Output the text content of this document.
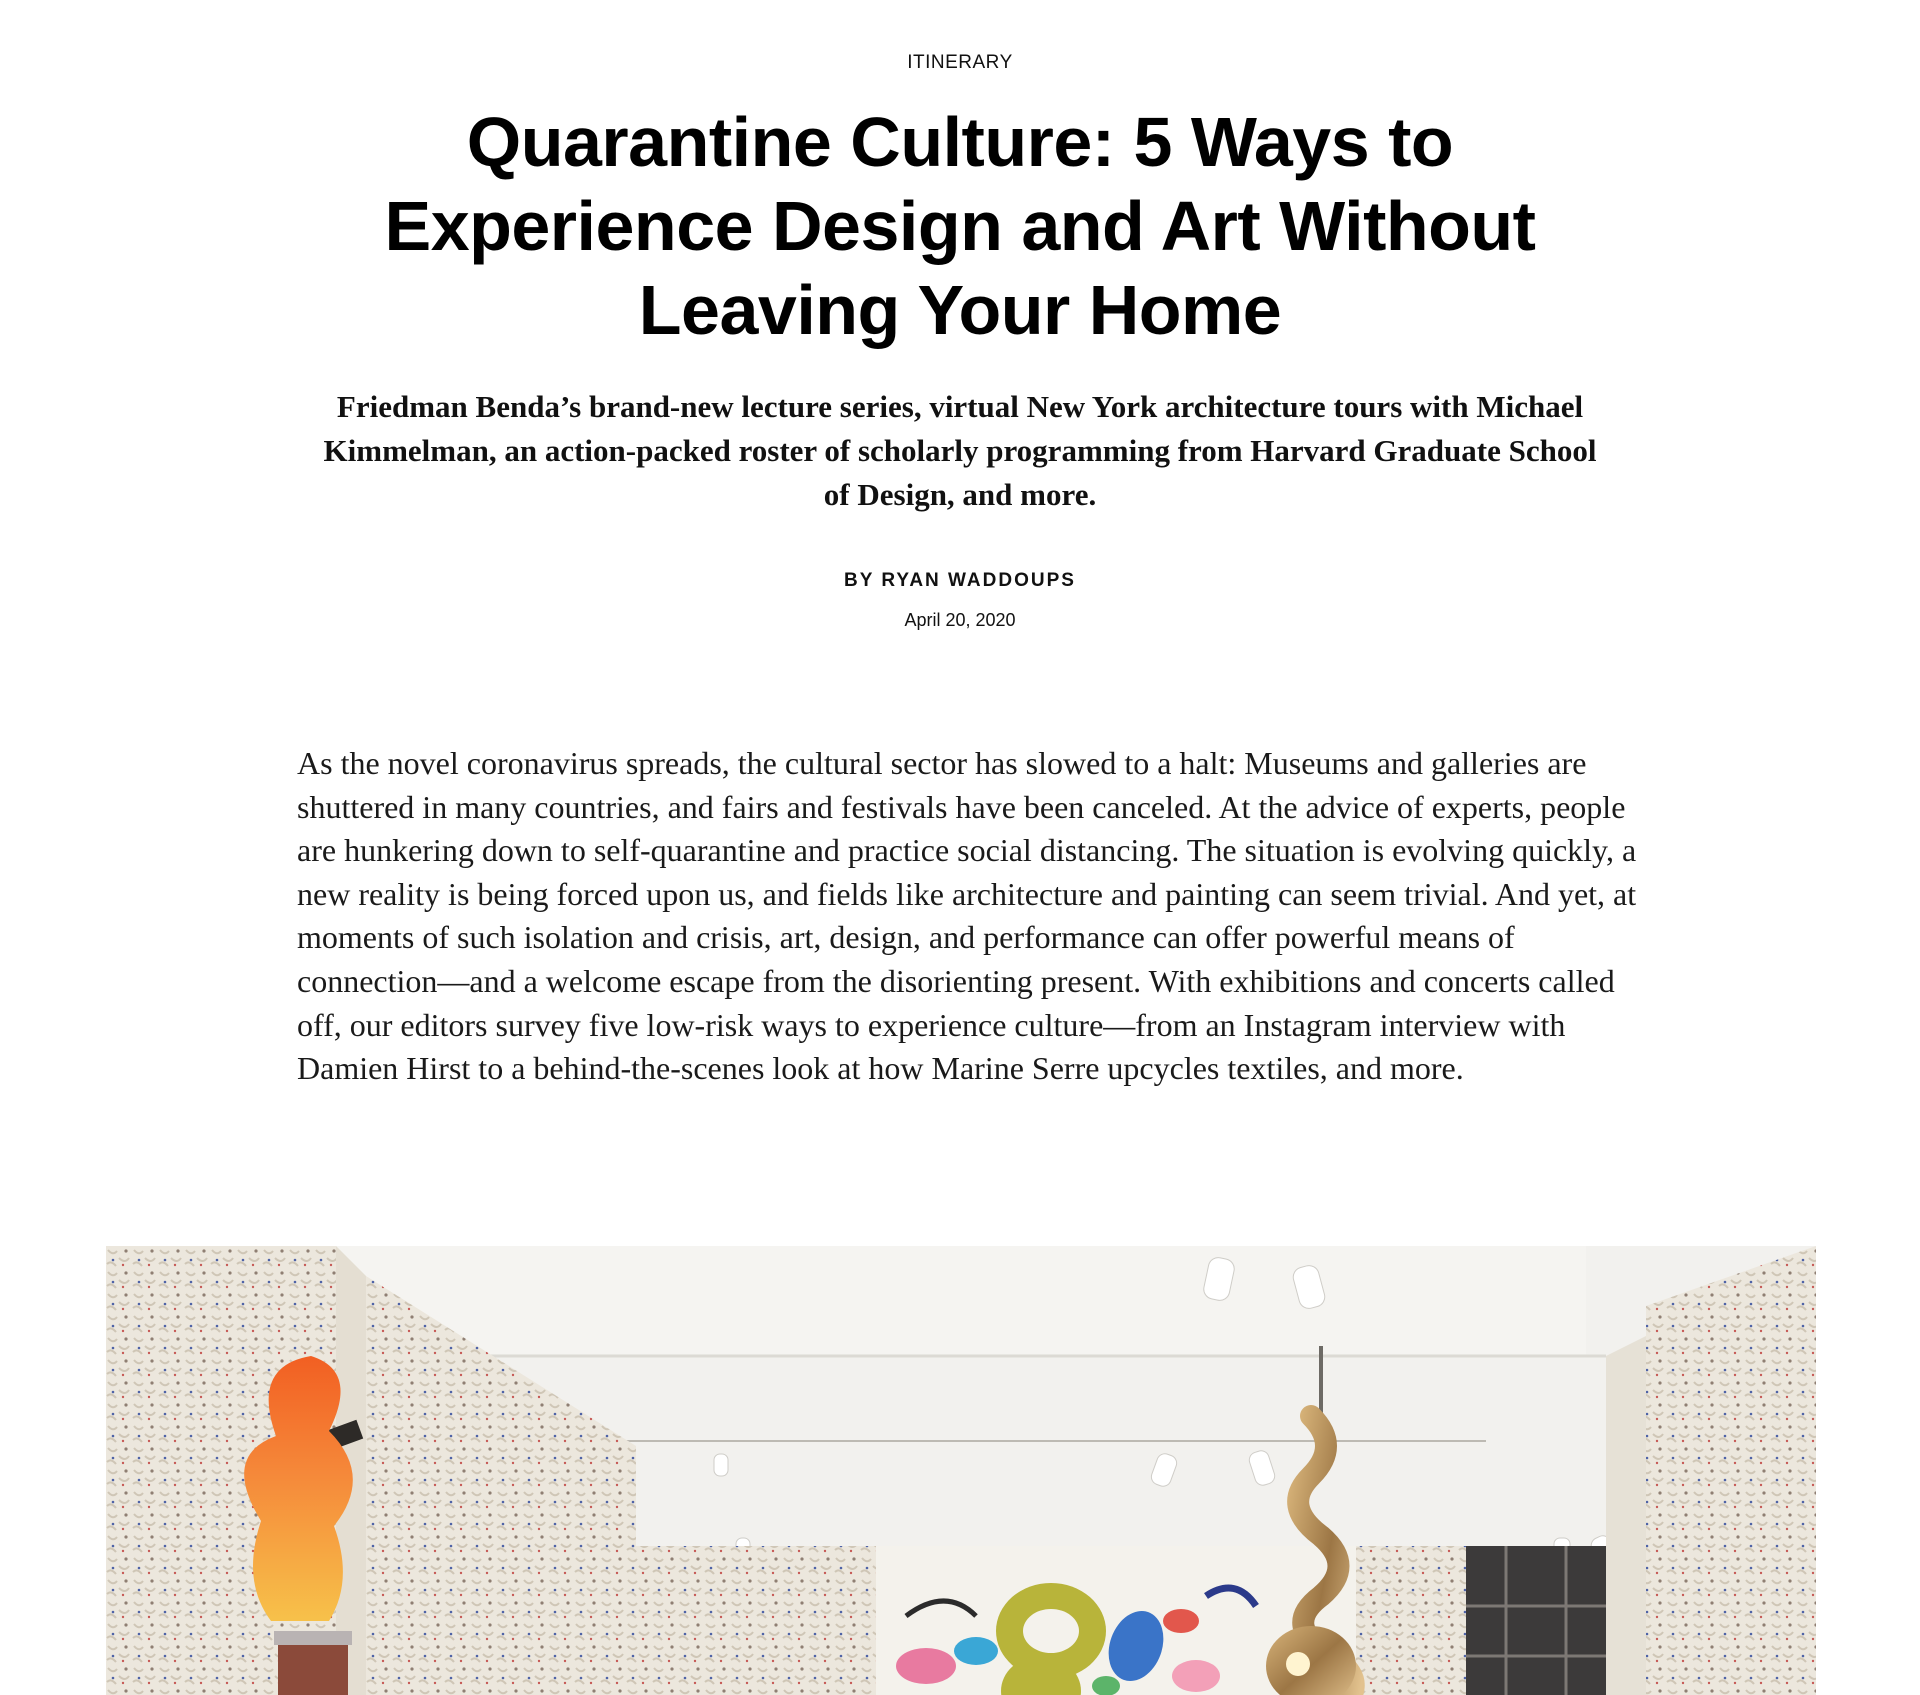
ITINERARY
Quarantine Culture: 5 Ways to Experience Design and Art Without Leaving Your Home

Friedman Benda’s brand-new lecture series, virtual New York architecture tours with Michael Kimmelman, an action-packed roster of scholarly programming from Harvard Graduate School of Design, and more.

BY RYAN WADDOUPS
April 20, 2020

As the novel coronavirus spreads, the cultural sector has slowed to a halt: Museums and galleries are shuttered in many countries, and fairs and festivals have been canceled. At the advice of experts, people are hunkering down to self-quarantine and practice social distancing. The situation is evolving quickly, a new reality is being forced upon us, and fields like architecture and painting can seem trivial. And yet, at moments of such isolation and crisis, art, design, and performance can offer powerful means of connection—and a welcome escape from the disorienting present. With exhibitions and concerts called off, our editors survey five low-risk ways to experience culture—from an Instagram interview with Damien Hirst to a behind-the-scenes look at how Marine Serre upcycles textiles, and more.
